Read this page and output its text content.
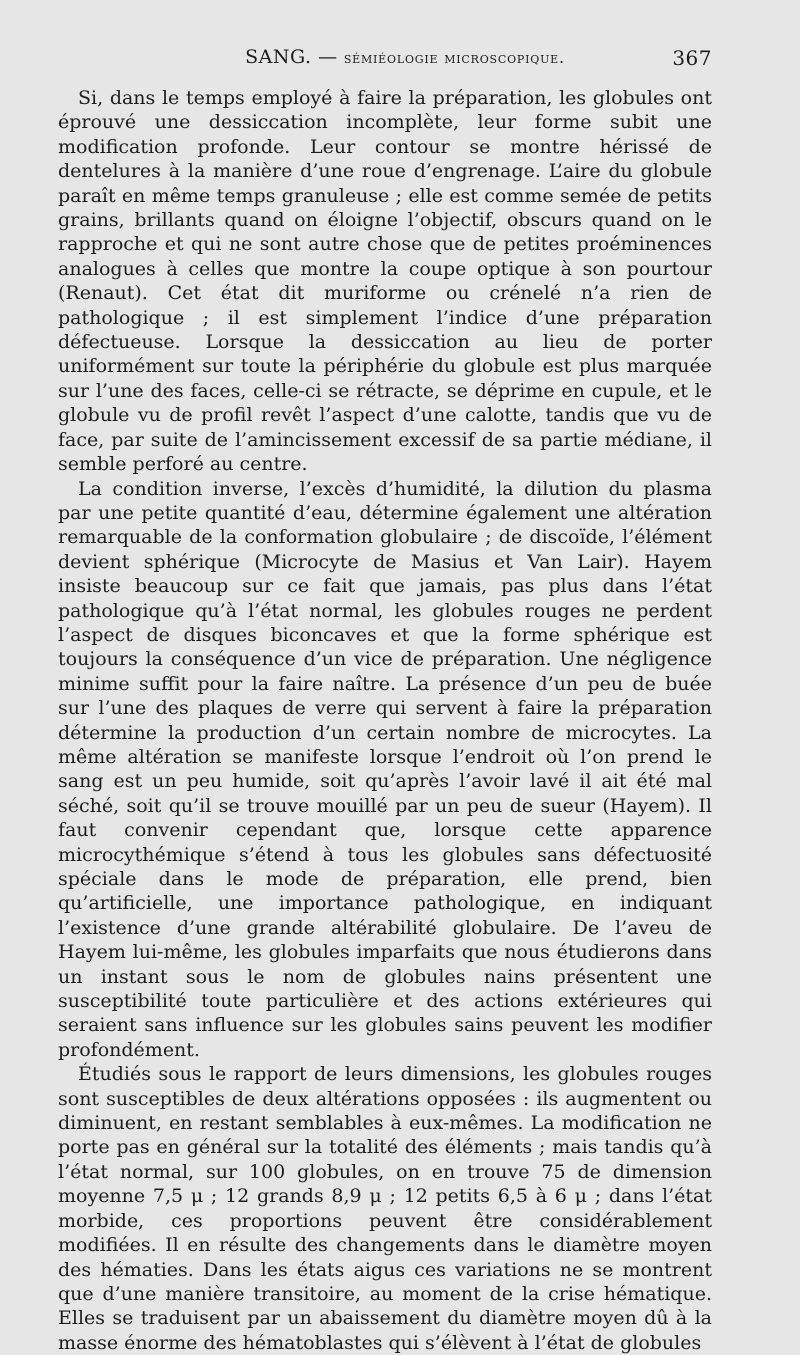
SANG. — sémiéologie microscopique.	367

Si, dans le temps employé à faire la préparation, les globules ont éprouvé une dessiccation incomplète, leur forme subit une modification profonde. Leur contour se montre hérissé de dentelures à la manière d’une roue d’engrenage. L’aire du globule paraît en même temps granuleuse ; elle est comme semée de petits grains, brillants quand on éloigne l’objectif, obscurs quand on le rapproche et qui ne sont autre chose que de petites proéminences analogues à celles que montre la coupe optique à son pourtour (Renaut). Cet état dit muriforme ou crénelé n’a rien de pathologique ; il est simplement l’indice d’une préparation défectueuse. Lorsque la dessiccation au lieu de porter uniformément sur toute la périphérie du globule est plus marquée sur l’une des faces, celle-ci se rétracte, se déprime en cupule, et le globule vu de profil revêt l’aspect d’une calotte, tandis que vu de face, par suite de l’amincissement excessif de sa partie médiane, il semble perforé au centre.

La condition inverse, l’excès d’humidité, la dilution du plasma par une petite quantité d’eau, détermine également une altération remarquable de la conformation globulaire ; de discoïde, l’élément devient sphérique (Microcyte de Masius et Van Lair). Hayem insiste beaucoup sur ce fait que jamais, pas plus dans l’état pathologique qu’à l’état normal, les globules rouges ne perdent l’aspect de disques biconcaves et que la forme sphérique est toujours la conséquence d’un vice de préparation. Une négligence minime suffit pour la faire naître. La présence d’un peu de buée sur l’une des plaques de verre qui servent à faire la préparation détermine la production d’un certain nombre de microcytes. La même altération se manifeste lorsque l’endroit où l’on prend le sang est un peu humide, soit qu’après l’avoir lavé il ait été mal séché, soit qu’il se trouve mouillé par un peu de sueur (Hayem). Il faut convenir cependant que, lorsque cette apparence microcythémique s’étend à tous les globules sans défectuosité spéciale dans le mode de préparation, elle prend, bien qu’artificielle, une importance pathologique, en indiquant l’existence d’une grande altérabilité globulaire. De l’aveu de Hayem lui-même, les globules imparfaits que nous étudierons dans un instant sous le nom de globules nains présentent une susceptibilité toute particulière et des actions extérieures qui seraient sans influence sur les globules sains peuvent les modifier profondément.

Étudiés sous le rapport de leurs dimensions, les globules rouges sont susceptibles de deux altérations opposées : ils augmentent ou diminuent, en restant semblables à eux-mêmes. La modification ne porte pas en général sur la totalité des éléments ; mais tandis qu’à l’état normal, sur 100 globules, on en trouve 75 de dimension moyenne 7,5 μ ; 12 grands 8,9 μ ; 12 petits 6,5 à 6 μ ; dans l’état morbide, ces proportions peuvent être considérablement modifiées. Il en résulte des changements dans le diamètre moyen des hématies. Dans les états aigus ces variations ne se montrent que d’une manière transitoire, au moment de la crise hématique. Elles se traduisent par un abaissement du diamètre moyen dû à la masse énorme des hématoblastes qui s’élèvent à l’état de globules
